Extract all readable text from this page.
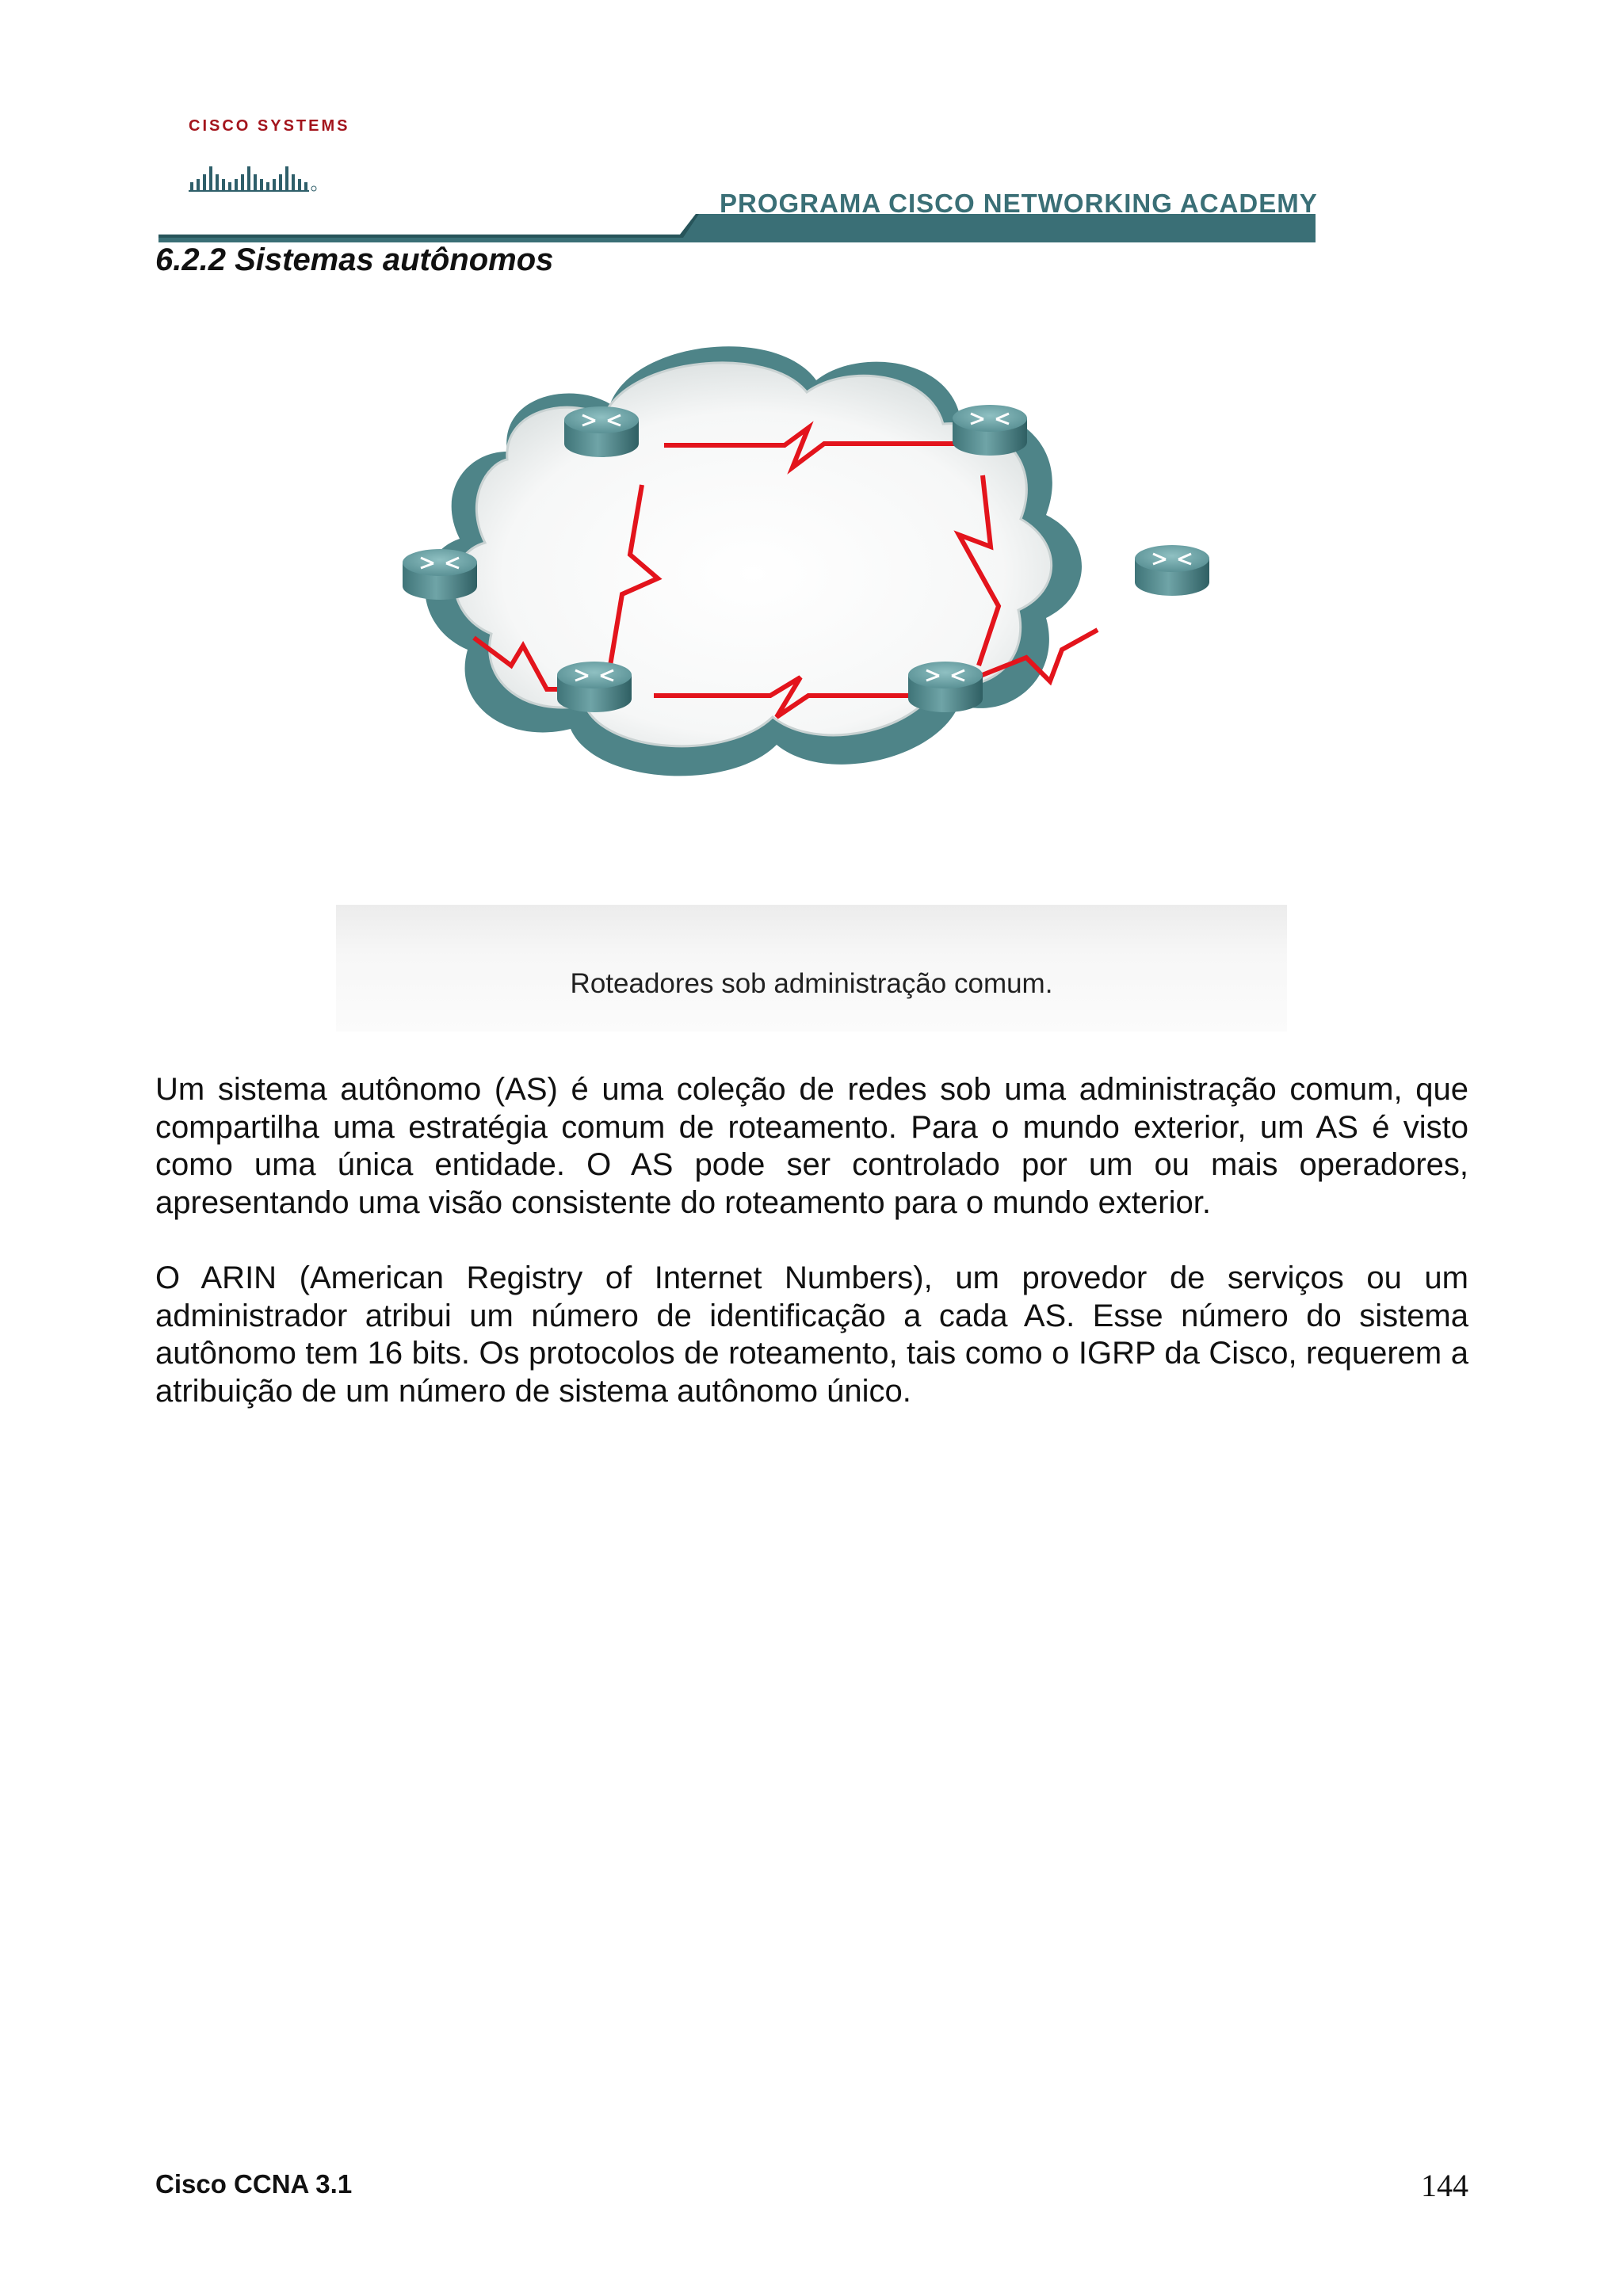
CISCO SYSTEMS
PROGRAMA CISCO NETWORKING ACADEMY
6.2.2 Sistemas autônomos
Roteadores sob administração comum.

Um sistema autônomo (AS) é uma coleção de redes sob uma administração comum, que compartilha uma estratégia comum de roteamento. Para o mundo exterior, um AS é visto como uma única entidade. O AS pode ser controlado por um ou mais operadores, apresentando uma visão consistente do roteamento para o mundo exterior.

O ARIN (American Registry of Internet Numbers), um provedor de serviços ou um administrador atribui um número de identificação a cada AS. Esse número do sistema autônomo tem 16 bits. Os protocolos de roteamento, tais como o IGRP da Cisco, requerem a atribuição de um número de sistema autônomo único.

Cisco CCNA 3.1	144
